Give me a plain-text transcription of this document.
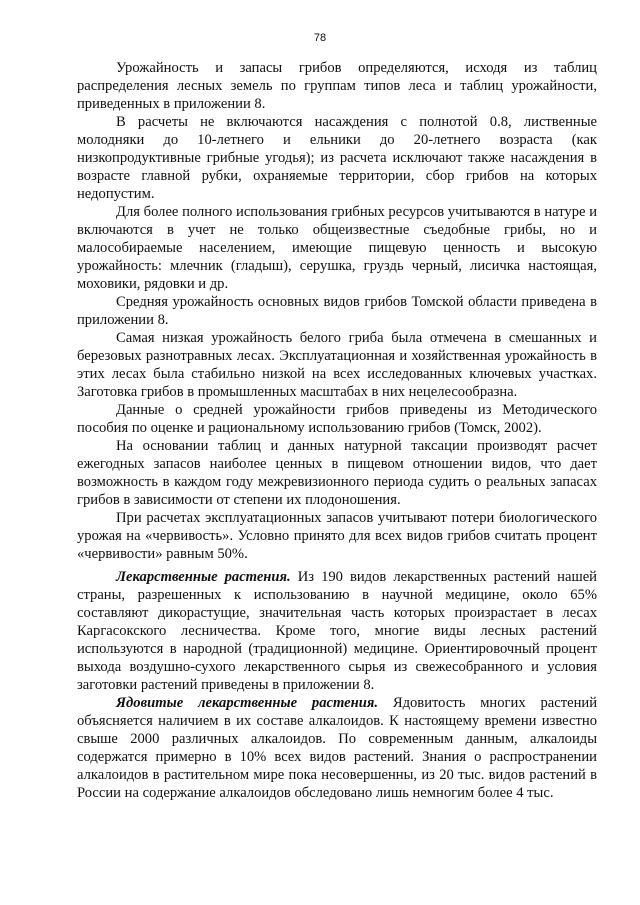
78

Урожайность и запасы грибов определяются, исходя из таблиц распределения лесных земель по группам типов леса и таблиц урожайности, приведенных в приложении 8.

В расчеты не включаются насаждения с полнотой 0.8, лиственные молодняки до 10-летнего и ельники до 20-летнего возраста (как низкопродуктивные грибные угодья); из расчета исключают также насаждения в возрасте главной рубки, охраняемые территории, сбор грибов на которых недопустим.

Для более полного использования грибных ресурсов учитываются в натуре и включаются в учет не только общеизвестные съедобные грибы, но и малособираемые населением, имеющие пищевую ценность и высокую урожайность: млечник (гладыш), серушка, груздь черный, лисичка настоящая, моховики, рядовки и др.

Средняя урожайность основных видов грибов Томской области приведена в приложении 8.

Самая низкая урожайность белого гриба была отмечена в смешанных и березовых разнотравных лесах. Эксплуатационная и хозяйственная урожайность в этих лесах была стабильно низкой на всех исследованных ключевых участках. Заготовка грибов в промышленных масштабах в них нецелесообразна.

Данные о средней урожайности грибов приведены из Методического пособия по оценке и рациональному использованию грибов (Томск, 2002).

На основании таблиц и данных натурной таксации производят расчет ежегодных запасов наиболее ценных в пищевом отношении видов, что дает возможность в каждом году межревизионного периода судить о реальных запасах грибов в зависимости от степени их плодоношения.

При расчетах эксплуатационных запасов учитывают потери биологического урожая на «червивость». Условно принято для всех видов грибов считать процент «червивости» равным 50%.

Лекарственные растения. Из 190 видов лекарственных растений нашей страны, разрешенных к использованию в научной медицине, около 65% составляют дикорастущие, значительная часть которых произрастает в лесах Каргасокского лесничества. Кроме того, многие виды лесных растений используются в народной (традиционной) медицине. Ориентировочный процент выхода воздушно-сухого лекарственного сырья из свежесобранного и условия заготовки растений приведены в приложении 8.

Ядовитые лекарственные растения. Ядовитость многих растений объясняется наличием в их составе алкалоидов. К настоящему времени известно свыше 2000 различных алкалоидов. По современным данным, алкалоиды содержатся примерно в 10% всех видов растений. Знания о распространении алкалоидов в растительном мире пока несовершенны, из 20 тыс. видов растений в России на содержание алкалоидов обследовано лишь немногим более 4 тыс.
